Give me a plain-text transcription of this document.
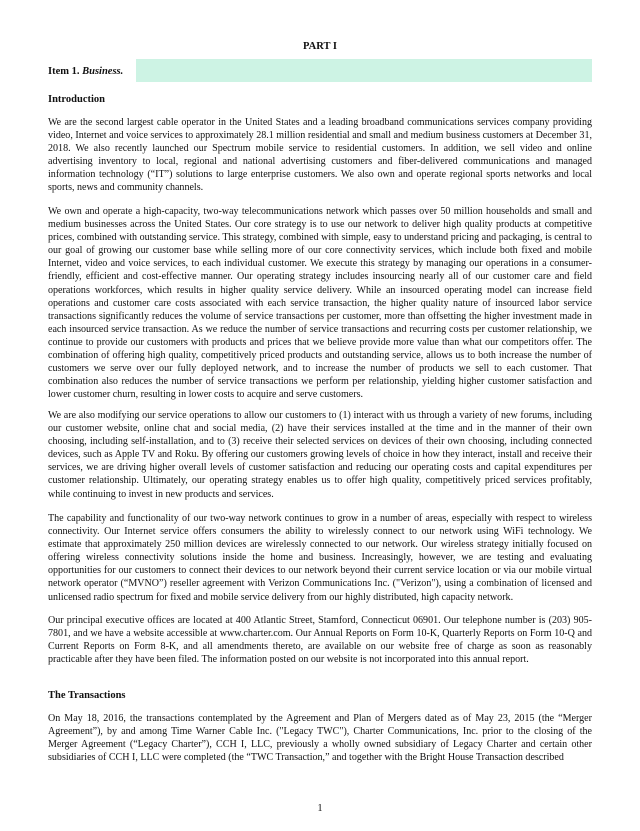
PART I
Item 1. Business.
Introduction

We are the second largest cable operator in the United States and a leading broadband communications services company providing video, Internet and voice services to approximately 28.1 million residential and small and medium business customers at December 31, 2018. We also recently launched our Spectrum mobile service to residential customers. In addition, we sell video and online advertising inventory to local, regional and national advertising customers and fiber-delivered communications and managed information technology (“IT”) solutions to large enterprise customers. We also own and operate regional sports networks and local sports, news and community channels.

We own and operate a high-capacity, two-way telecommunications network which passes over 50 million households and small and medium businesses across the United States. Our core strategy is to use our network to deliver high quality products at competitive prices, combined with outstanding service. This strategy, combined with simple, easy to understand pricing and packaging, is central to our goal of growing our customer base while selling more of our core connectivity services, which include both fixed and mobile Internet, video and voice services, to each individual customer. We execute this strategy by managing our operations in a consumer-friendly, efficient and cost-effective manner. Our operating strategy includes insourcing nearly all of our customer care and field operations workforces, which results in higher quality service delivery. While an insourced operating model can increase field operations and customer care costs associated with each service transaction, the higher quality nature of insourced labor service transactions significantly reduces the volume of service transactions per customer, more than offsetting the higher investment made in each insourced service transaction. As we reduce the number of service transactions and recurring costs per customer relationship, we continue to provide our customers with products and prices that we believe provide more value than what our competitors offer. The combination of offering high quality, competitively priced products and outstanding service, allows us to both increase the number of customers we serve over our fully deployed network, and to increase the number of products we sell to each customer. That combination also reduces the number of service transactions we perform per relationship, yielding higher customer satisfaction and lower customer churn, resulting in lower costs to acquire and serve customers.

We are also modifying our service operations to allow our customers to (1) interact with us through a variety of new forums, including our customer website, online chat and social media, (2) have their services installed at the time and in the manner of their own choosing, including self-installation, and to (3) receive their selected services on devices of their own choosing, including connected devices, such as Apple TV and Roku. By offering our customers growing levels of choice in how they interact, install and receive their services, we are driving higher overall levels of customer satisfaction and reducing our operating costs and capital expenditures per customer relationship. Ultimately, our operating strategy enables us to offer high quality, competitively priced services profitably, while continuing to invest in new products and services.

The capability and functionality of our two-way network continues to grow in a number of areas, especially with respect to wireless connectivity. Our Internet service offers consumers the ability to wirelessly connect to our network using WiFi technology. We estimate that approximately 250 million devices are wirelessly connected to our network. Our wireless strategy initially focused on offering wireless connectivity solutions inside the home and business. Increasingly, however, we are testing and evaluating opportunities for our customers to connect their devices to our network beyond their current service location or via our mobile virtual network operator (“MVNO”) reseller agreement with Verizon Communications Inc. ("Verizon"), using a combination of licensed and unlicensed radio spectrum for fixed and mobile service delivery from our highly distributed, high capacity network.

Our principal executive offices are located at 400 Atlantic Street, Stamford, Connecticut 06901. Our telephone number is (203) 905-7801, and we have a website accessible at www.charter.com. Our Annual Reports on Form 10-K, Quarterly Reports on Form 10-Q and Current Reports on Form 8-K, and all amendments thereto, are available on our website free of charge as soon as reasonably practicable after they have been filed. The information posted on our website is not incorporated into this annual report.

The Transactions

On May 18, 2016, the transactions contemplated by the Agreement and Plan of Mergers dated as of May 23, 2015 (the “Merger Agreement”), by and among Time Warner Cable Inc. ("Legacy TWC"), Charter Communications, Inc. prior to the closing of the Merger Agreement (“Legacy Charter”), CCH I, LLC, previously a wholly owned subsidiary of Legacy Charter and certain other subsidiaries of CCH I, LLC were completed (the “TWC Transaction,” and together with the Bright House Transaction described

1
